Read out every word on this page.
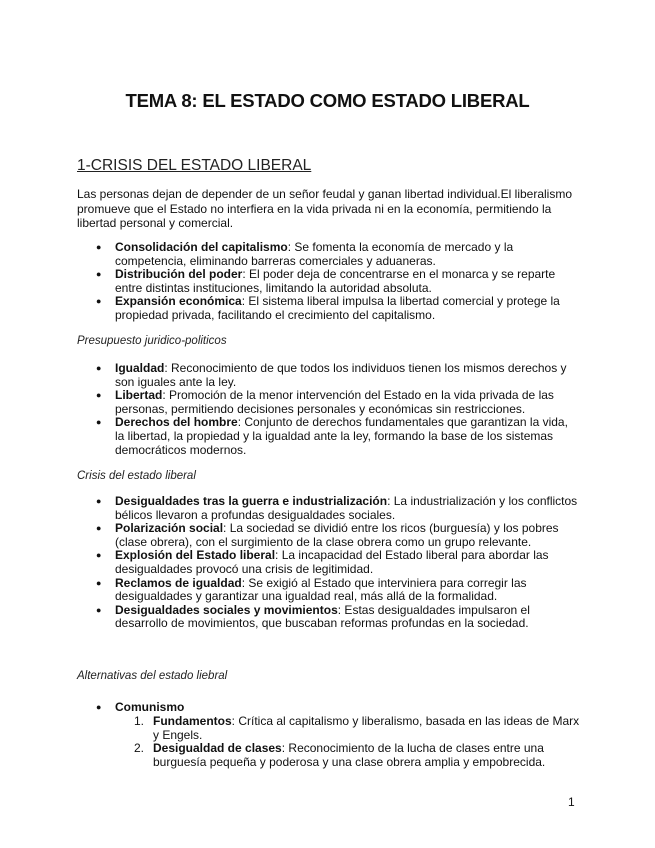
TEMA 8: EL ESTADO COMO ESTADO LIBERAL
1-CRISIS DEL ESTADO LIBERAL

Las personas dejan de depender de un señor feudal y ganan libertad individual.El liberalismo promueve que el Estado no interfiera en la vida privada ni en la economía, permitiendo la libertad personal y comercial.

● Consolidación del capitalismo: Se fomenta la economía de mercado y la competencia, eliminando barreras comerciales y aduaneras.
● Distribución del poder: El poder deja de concentrarse en el monarca y se reparte entre distintas instituciones, limitando la autoridad absoluta.
● Expansión económica: El sistema liberal impulsa la libertad comercial y protege la propiedad privada, facilitando el crecimiento del capitalismo.

Presupuesto juridico-politicos

● Igualdad: Reconocimiento de que todos los individuos tienen los mismos derechos y son iguales ante la ley.
● Libertad: Promoción de la menor intervención del Estado en la vida privada de las personas, permitiendo decisiones personales y económicas sin restricciones.
● Derechos del hombre: Conjunto de derechos fundamentales que garantizan la vida, la libertad, la propiedad y la igualdad ante la ley, formando la base de los sistemas democráticos modernos.

Crisis del estado liberal

● Desigualdades tras la guerra e industrialización: La industrialización y los conflictos bélicos llevaron a profundas desigualdades sociales.
● Polarización social: La sociedad se dividió entre los ricos (burguesía) y los pobres (clase obrera), con el surgimiento de la clase obrera como un grupo relevante.
● Explosión del Estado liberal: La incapacidad del Estado liberal para abordar las desigualdades provocó una crisis de legitimidad.
● Reclamos de igualdad: Se exigió al Estado que interviniera para corregir las desigualdades y garantizar una igualdad real, más allá de la formalidad.
● Desigualdades sociales y movimientos: Estas desigualdades impulsaron el desarrollo de movimientos, que buscaban reformas profundas en la sociedad.

Alternativas del estado liebral

● Comunismo
1. Fundamentos: Crítica al capitalismo y liberalismo, basada en las ideas de Marx y Engels.
2. Desigualdad de clases: Reconocimiento de la lucha de clases entre una burguesía pequeña y poderosa y una clase obrera amplia y empobrecida.

1
